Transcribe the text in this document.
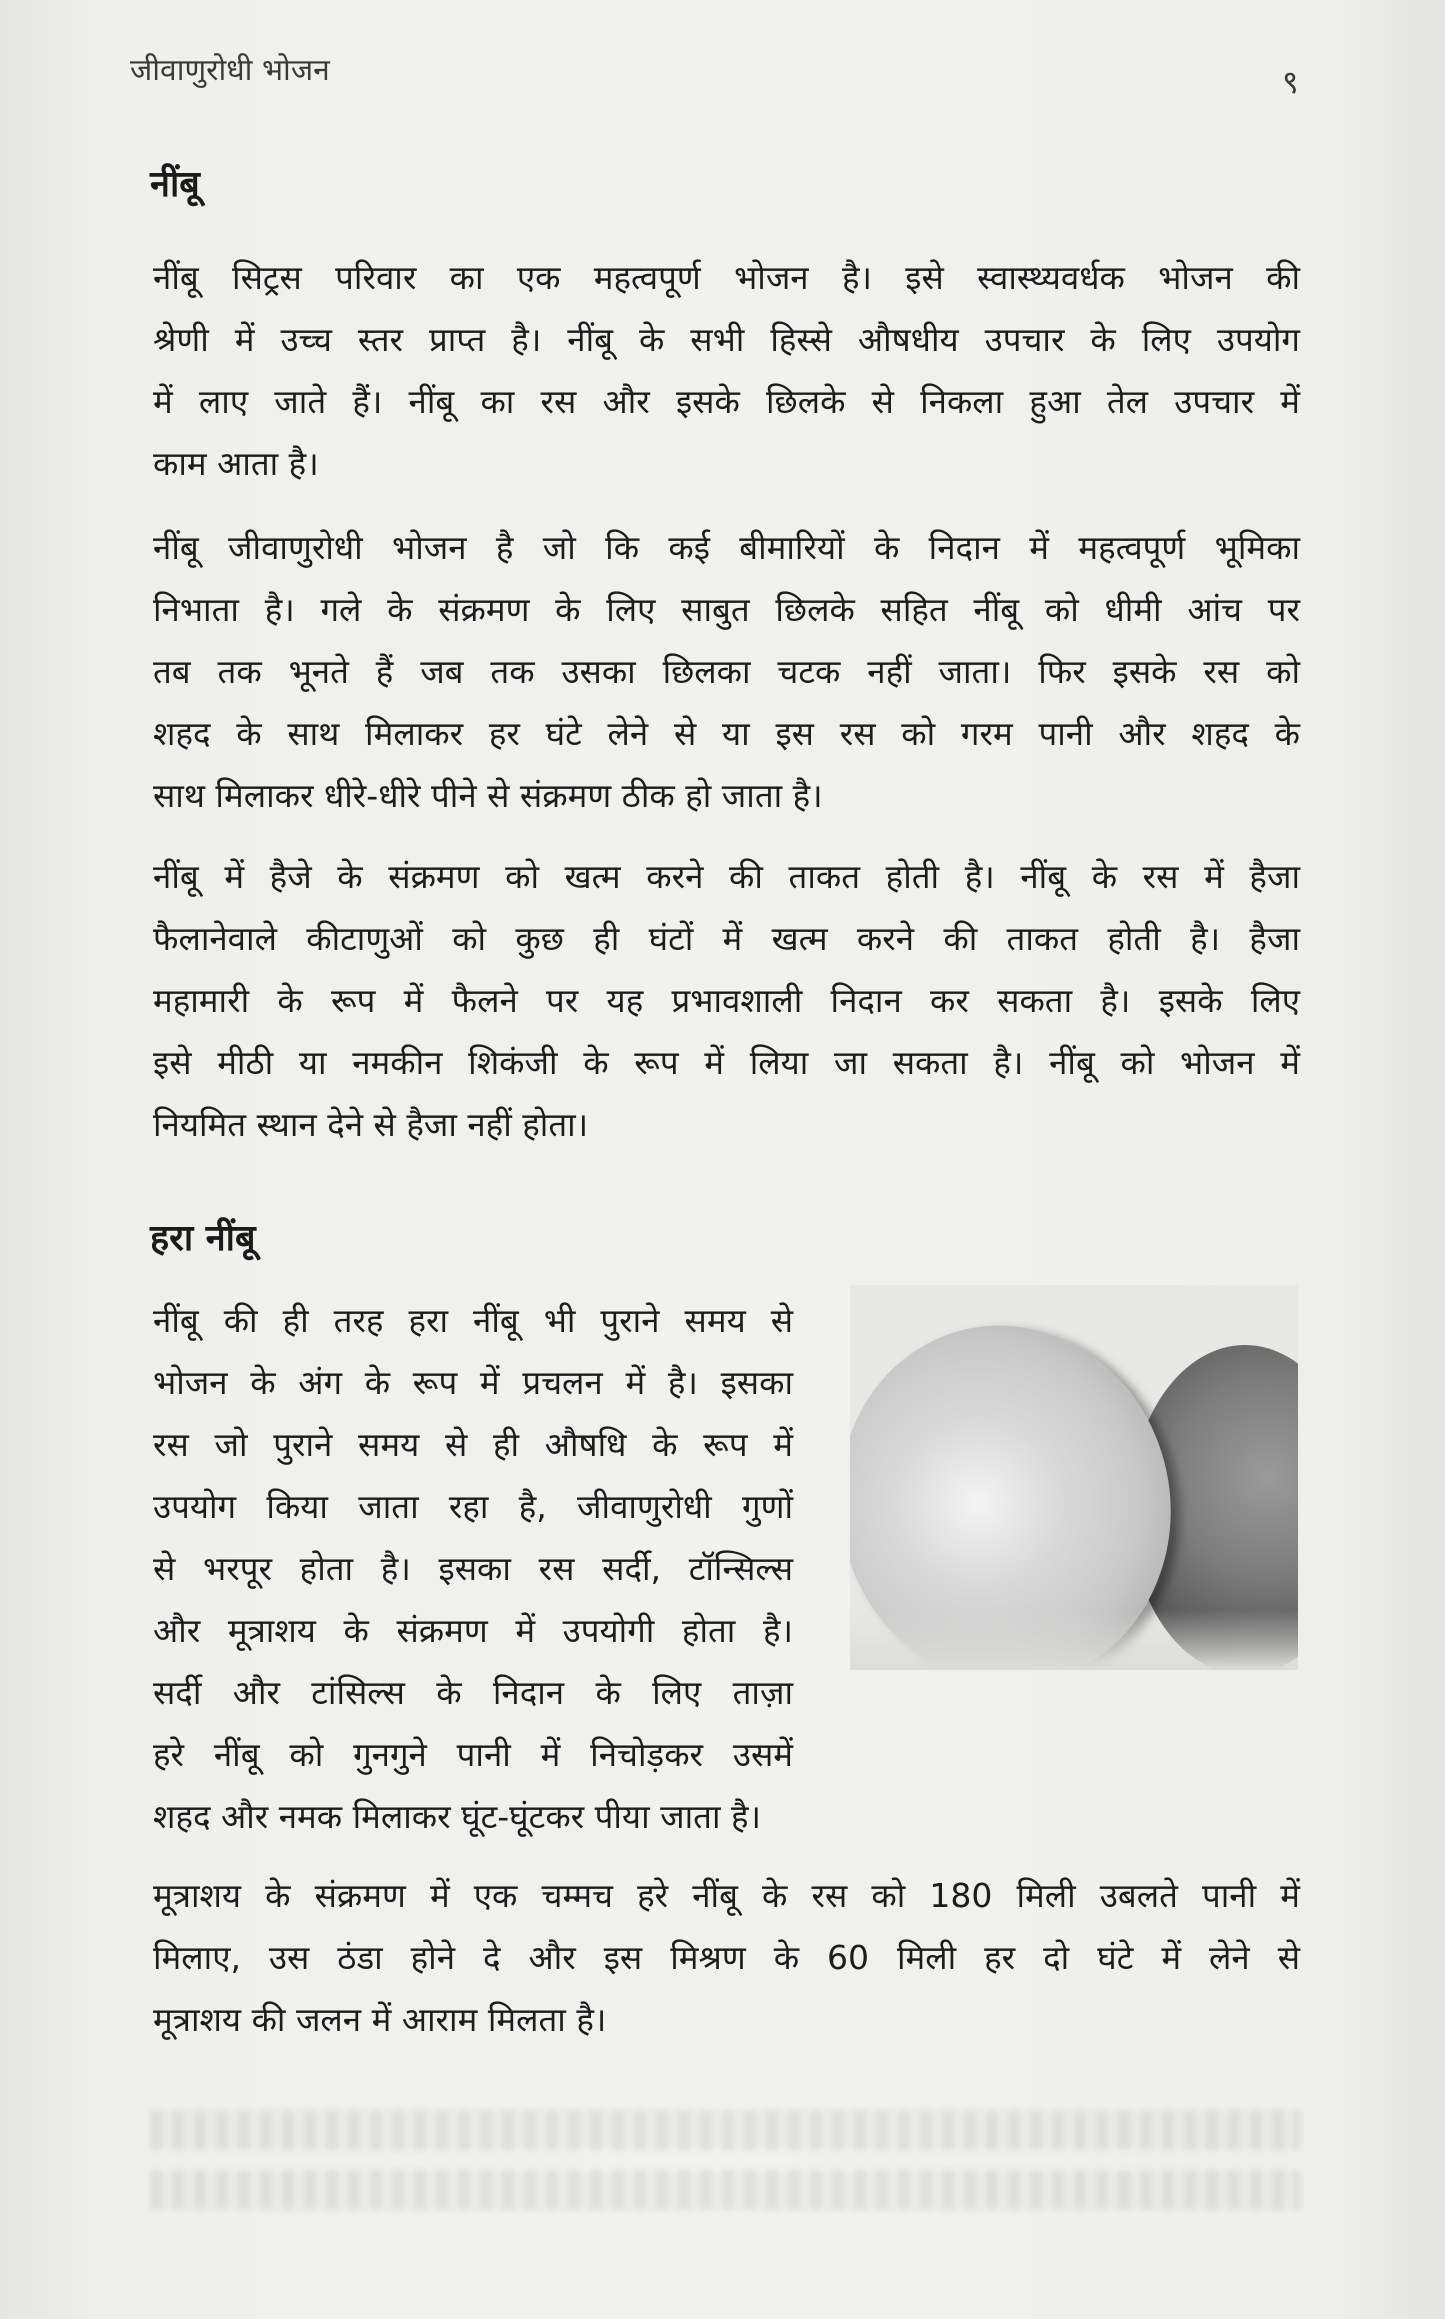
जीवाणुरोधी भोजन	९
नींबू
नींबू सिट्रस परिवार का एक महत्वपूर्ण भोजन है। इसे स्वास्थ्यवर्धक भोजन की
श्रेणी में उच्च स्तर प्राप्त है। नींबू के सभी हिस्से औषधीय उपचार के लिए उपयोग
में लाए जाते हैं। नींबू का रस और इसके छिलके से निकला हुआ तेल उपचार में
काम आता है।
नींबू जीवाणुरोधी भोजन है जो कि कई बीमारियों के निदान में महत्वपूर्ण भूमिका
निभाता है। गले के संक्रमण के लिए साबुत छिलके सहित नींबू को धीमी आंच पर
तब तक भूनते हैं जब तक उसका छिलका चटक नहीं जाता। फिर इसके रस को
शहद के साथ मिलाकर हर घंटे लेने से या इस रस को गरम पानी और शहद के
साथ मिलाकर धीरे-धीरे पीने से संक्रमण ठीक हो जाता है।
नींबू में हैजे के संक्रमण को खत्म करने की ताकत होती है। नींबू के रस में हैजा
फैलानेवाले कीटाणुओं को कुछ ही घंटों में खत्म करने की ताकत होती है। हैजा
महामारी के रूप में फैलने पर यह प्रभावशाली निदान कर सकता है। इसके लिए
इसे मीठी या नमकीन शिकंजी के रूप में लिया जा सकता है। नींबू को भोजन में
नियमित स्थान देने से हैजा नहीं होता।
हरा नींबू
नींबू की ही तरह हरा नींबू भी पुराने समय से
भोजन के अंग के रूप में प्रचलन में है। इसका
रस जो पुराने समय से ही औषधि के रूप में
उपयोग किया जाता रहा है, जीवाणुरोधी गुणों
से भरपूर होता है। इसका रस सर्दी, टॉन्सिल्स
और मूत्राशय के संक्रमण में उपयोगी होता है।
सर्दी और टांसिल्स के निदान के लिए ताज़ा
हरे नींबू को गुनगुने पानी में निचोड़कर उसमें
शहद और नमक मिलाकर घूंट-घूंटकर पीया जाता है।
मूत्राशय के संक्रमण में एक चम्मच हरे नींबू के रस को 180 मिली उबलते पानी में
मिलाए, उस ठंडा होने दे और इस मिश्रण के 60 मिली हर दो घंटे में लेने से
मूत्राशय की जलन में आराम मिलता है।
